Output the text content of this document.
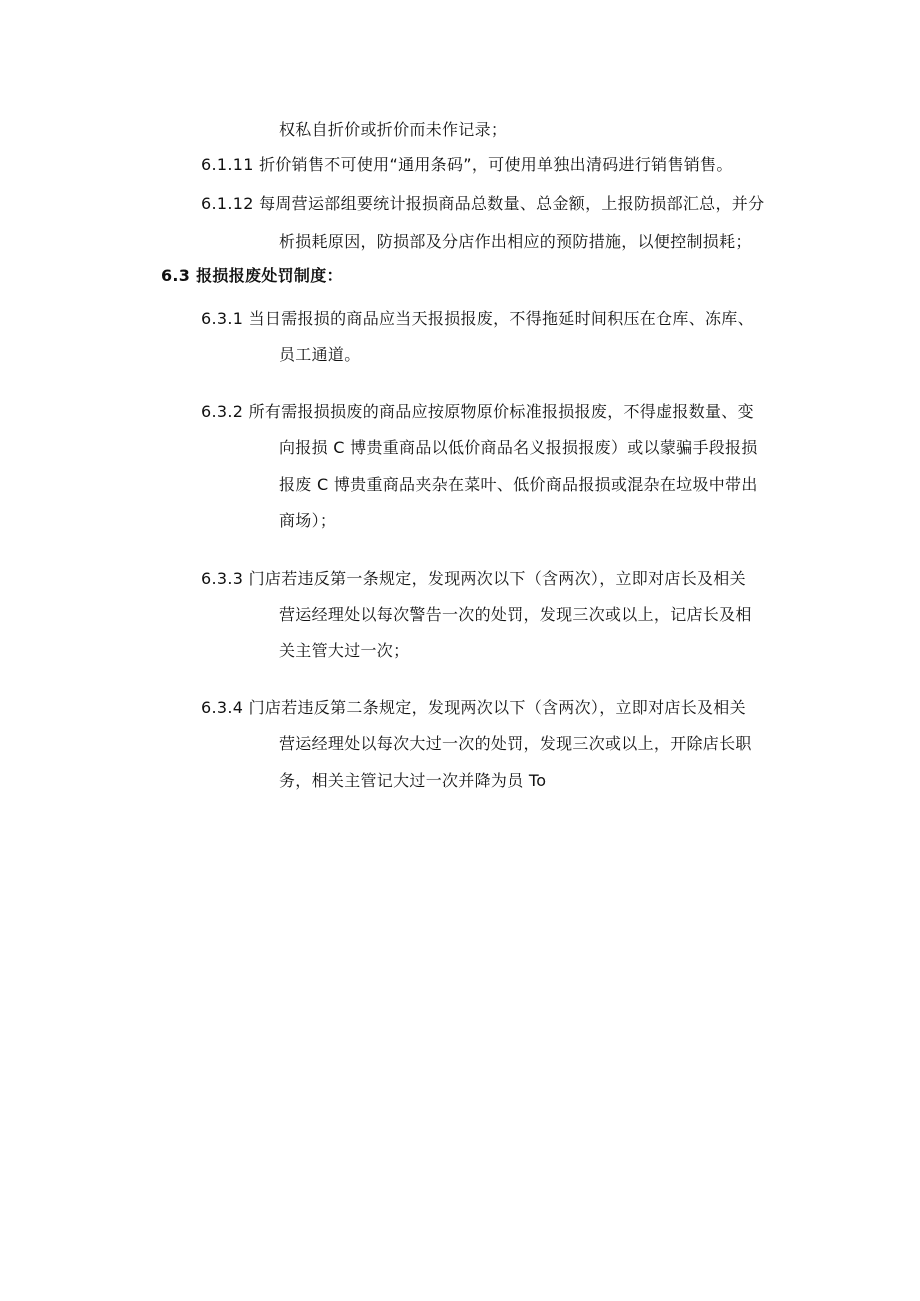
权私自折价或折价而未作记录；
6.1.11 折价销售不可使用“通用条码”，可使用单独出清码进行销售销售。
6.1.12 每周营运部组要统计报损商品总数量、总金额，上报防损部汇总，并分
析损耗原因，防损部及分店作出相应的预防措施，以便控制损耗；
6.3 报损报废处罚制度：
6.3.1 当日需报损的商品应当天报损报废，不得拖延时间积压在仓库、冻库、
员工通道。
6.3.2 所有需报损损废的商品应按原物原价标准报损报废，不得虚报数量、变
向报损 C 博贵重商品以低价商品名义报损报废）或以蒙骗手段报损
报废 C 博贵重商品夹杂在菜叶、低价商品报损或混杂在垃圾中带出
商场）；
6.3.3 门店若违反第一条规定，发现两次以下（含两次），立即对店长及相关
营运经理处以每次警告一次的处罚，发现三次或以上，记店长及相
关主管大过一次；
6.3.4 门店若违反第二条规定，发现两次以下（含两次），立即对店长及相关
营运经理处以每次大过一次的处罚，发现三次或以上，开除店长职
务，相关主管记大过一次并降为员 To
